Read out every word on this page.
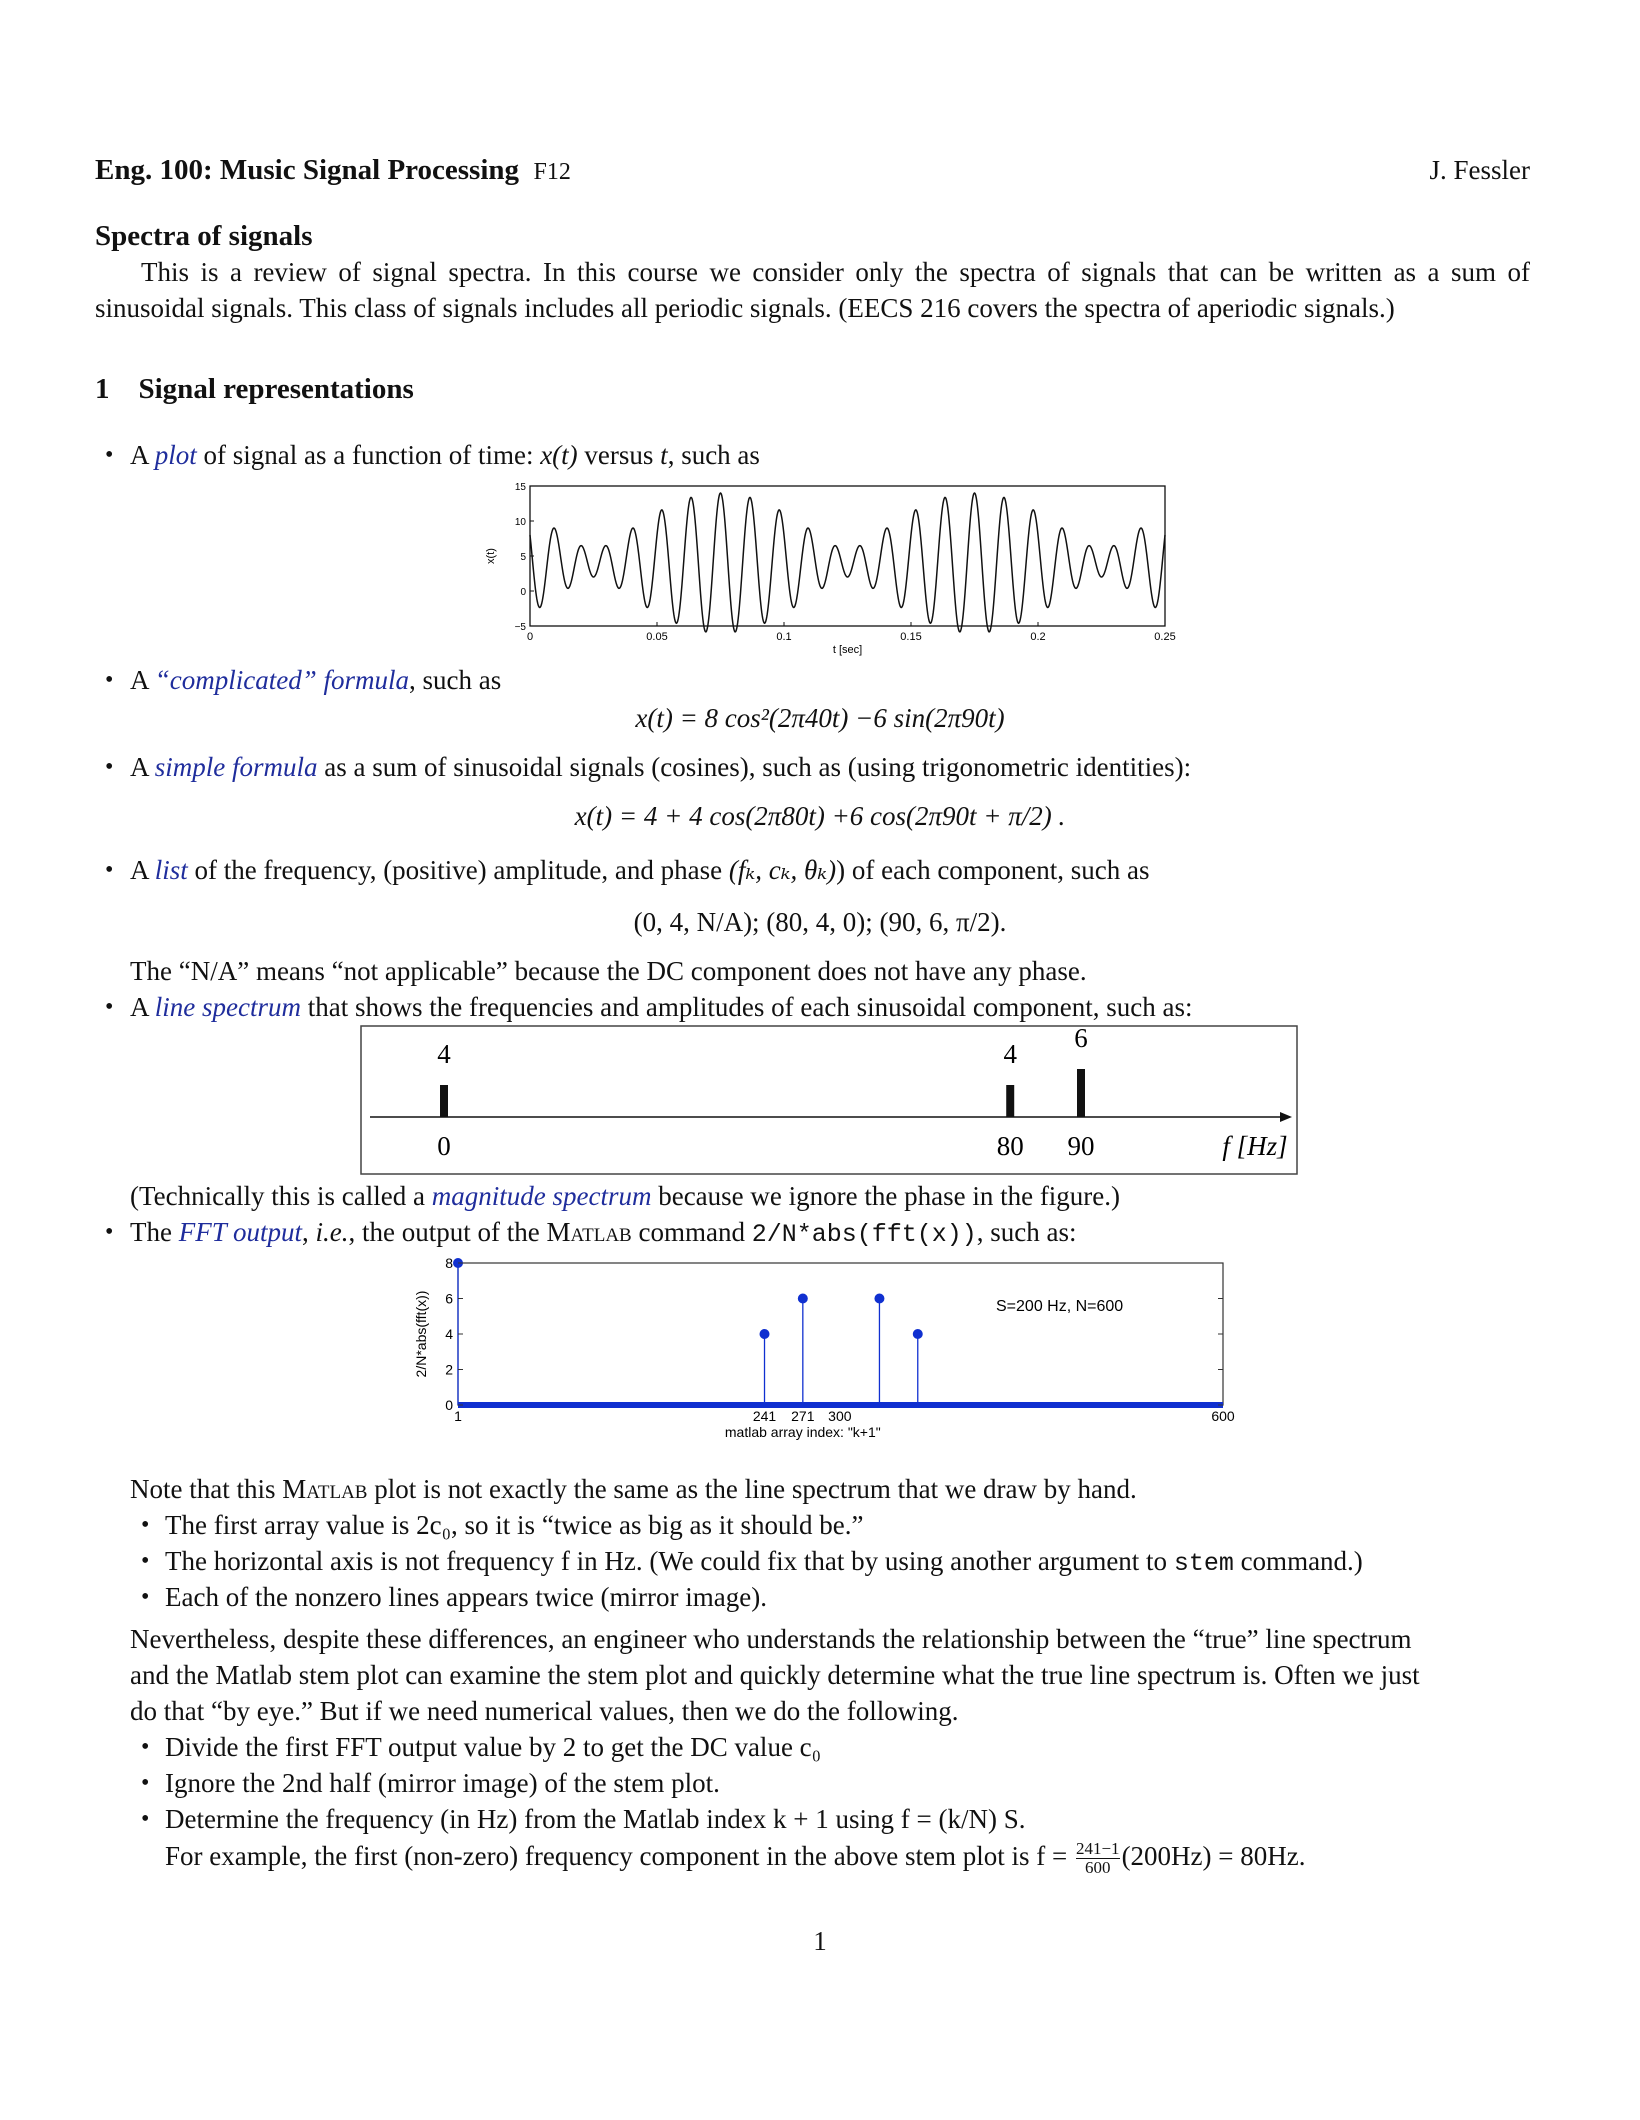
Eng. 100: Music Signal Processing F12	J. Fessler
Spectra of signals
This is a review of signal spectra. In this course we consider only the spectra of signals that can be written as a sum of sinusoidal signals. This class of signals includes all periodic signals. (EECS 216 covers the spectra of aperiodic signals.)
1 Signal representations
• A plot of signal as a function of time: x(t) versus t, such as
0	0.05	0.1	0.15	0.2	0.25
−5
0
5
10
15
t [sec]
x(t)
• A “complicated” formula, such as
x(t) = 8 cos²(2π40t) −6 sin(2π90t)
• A simple formula as a sum of sinusoidal signals (cosines), such as (using trigonometric identities):
x(t) = 4 + 4 cos(2π80t) +6 cos(2π90t + π/2) .
• A list of the frequency, (positive) amplitude, and phase (fₖ, cₖ, θₖ)) of each component, such as
(0, 4, N/A); (80, 4, 0); (90, 6, π/2).
The “N/A” means “not applicable” because the DC component does not have any phase.
• A line spectrum that shows the frequencies and amplitudes of each sinusoidal component, such as:
4
0
4
80
6
90	f [Hz]
(Technically this is called a magnitude spectrum because we ignore the phase in the figure.)
• The FFT output, i.e., the output of the Matlab command 2/N*abs(fft(x)), such as:
0
2
4
6
8
1	241 271 300	600
S=200 Hz, N=600
matlab array index: "k+1"
2/N*abs(fft(x))
Note that this Matlab plot is not exactly the same as the line spectrum that we draw by hand.
• The first array value is 2c₀, so it is “twice as big as it should be.”
• The horizontal axis is not frequency f in Hz. (We could fix that by using another argument to stem command.)
• Each of the nonzero lines appears twice (mirror image).
Nevertheless, despite these differences, an engineer who understands the relationship between the “true” line spectrum
and the Matlab stem plot can examine the stem plot and quickly determine what the true line spectrum is. Often we just
do that “by eye.” But if we need numerical values, then we do the following.
• Divide the first FFT output value by 2 to get the DC value c₀
• Ignore the 2nd half (mirror image) of the stem plot.
• Determine the frequency (in Hz) from the Matlab index k + 1 using f = (k/N) S.
For example, the first (non-zero) frequency component in the above stem plot is $f = \frac{241-1}{600} (200Hz) = 80Hz$.
1
